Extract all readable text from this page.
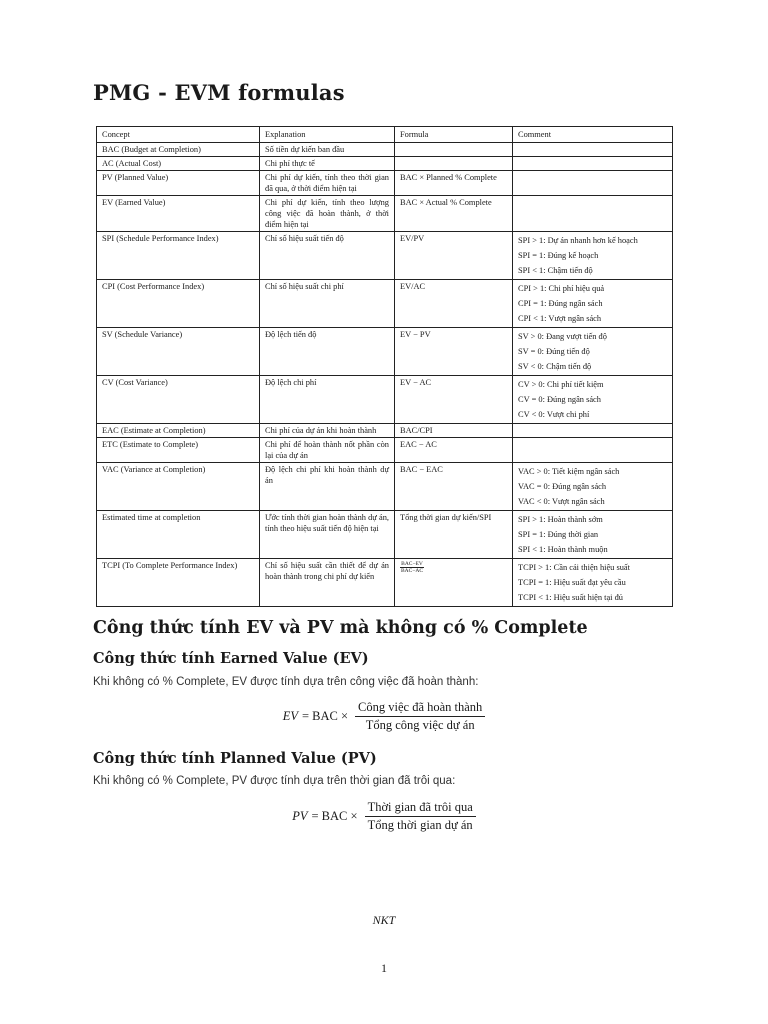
PMG - EVM formulas
Concept	Explanation	Formula	Comment
BAC (Budget at Completion)	Số tiền dự kiến ban đầu		
AC (Actual Cost)	Chi phí thực tế		
PV (Planned Value)	Chi phí dự kiến, tính theo thời gian đã qua, ở thời điểm hiện tại	BAC × Planned % Complete	
EV (Earned Value)	Chi phí dự kiến, tính theo lượng công việc đã hoàn thành, ở thời điểm hiện tại	BAC × Actual % Complete	
SPI (Schedule Performance Index)	Chỉ số hiệu suất tiến độ	EV/PV	SPI > 1: Dự án nhanh hơn kế hoạch
SPI = 1: Đúng kế hoạch
SPI < 1: Chậm tiến độ

CPI (Cost Performance Index)	Chỉ số hiệu suất chi phí	EV/AC	CPI > 1: Chi phí hiệu quả
CPI = 1: Đúng ngân sách
CPI < 1: Vượt ngân sách

SV (Schedule Variance)	Độ lệch tiến độ	EV − PV	SV > 0: Đang vượt tiến độ
SV = 0: Đúng tiến độ
SV < 0: Chậm tiến độ

CV (Cost Variance)	Độ lệch chi phí	EV − AC	CV > 0: Chi phí tiết kiệm
CV = 0: Đúng ngân sách
CV < 0: Vượt chi phí

EAC (Estimate at Completion)	Chi phí của dự án khi hoàn thành	BAC/CPI	
ETC (Estimate to Complete)	Chi phí để hoàn thành nốt phần còn lại của dự án	EAC − AC	
VAC (Variance at Completion)	Độ lệch chi phí khi hoàn thành dự án	BAC − EAC	VAC > 0: Tiết kiệm ngân sách
VAC = 0: Đúng ngân sách
VAC < 0: Vượt ngân sách

Estimated time at completion	Ước tính thời gian hoàn thành dự án, tính theo hiệu suất tiến độ hiện tại	Tổng thời gian dự kiến/SPI	SPI > 1: Hoàn thành sớm
SPI = 1: Đúng thời gian
SPI < 1: Hoàn thành muộn

TCPI (To Complete Performance Index)	Chỉ số hiệu suất cần thiết để dự án hoàn thành trong chi phí dự kiến	$\frac{\text{BAC−EV}}{\text{BAC−AC}}$	TCPI > 1: Cần cải thiện hiệu suất
TCPI = 1: Hiệu suất đạt yêu cầu
TCPI < 1: Hiệu suất hiện tại đủ
Công thức tính EV và PV mà không có % Complete
Công thức tính Earned Value (EV)

Khi không có % Complete, EV được tính dựa trên công việc đã hoàn thành:

EV = BAC × $\frac{\text{Công việc đã hoàn thành}}{\text{Tổng công việc dự án}}$
Công thức tính Planned Value (PV)

Khi không có % Complete, PV được tính dựa trên thời gian đã trôi qua:

PV = BAC × $\frac{\text{Thời gian đã trôi qua}}{\text{Tổng thời gian dự án}}$
NKT
1
